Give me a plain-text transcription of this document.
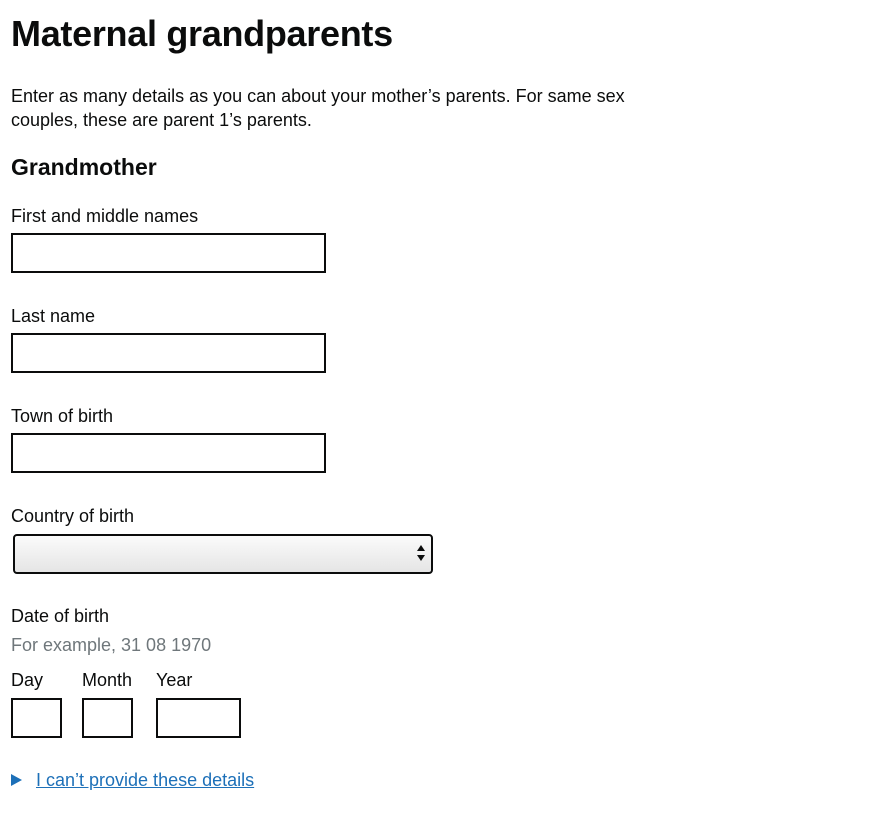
Maternal grandparents

Enter as many details as you can about your mother’s parents. For same sex couples, these are parent 1’s parents.

Grandmother
First and middle names
Last name
Town of birth
Country of birth
Date of birth
For example, 31 08 1970
Day	Month Year
I can’t provide these details
